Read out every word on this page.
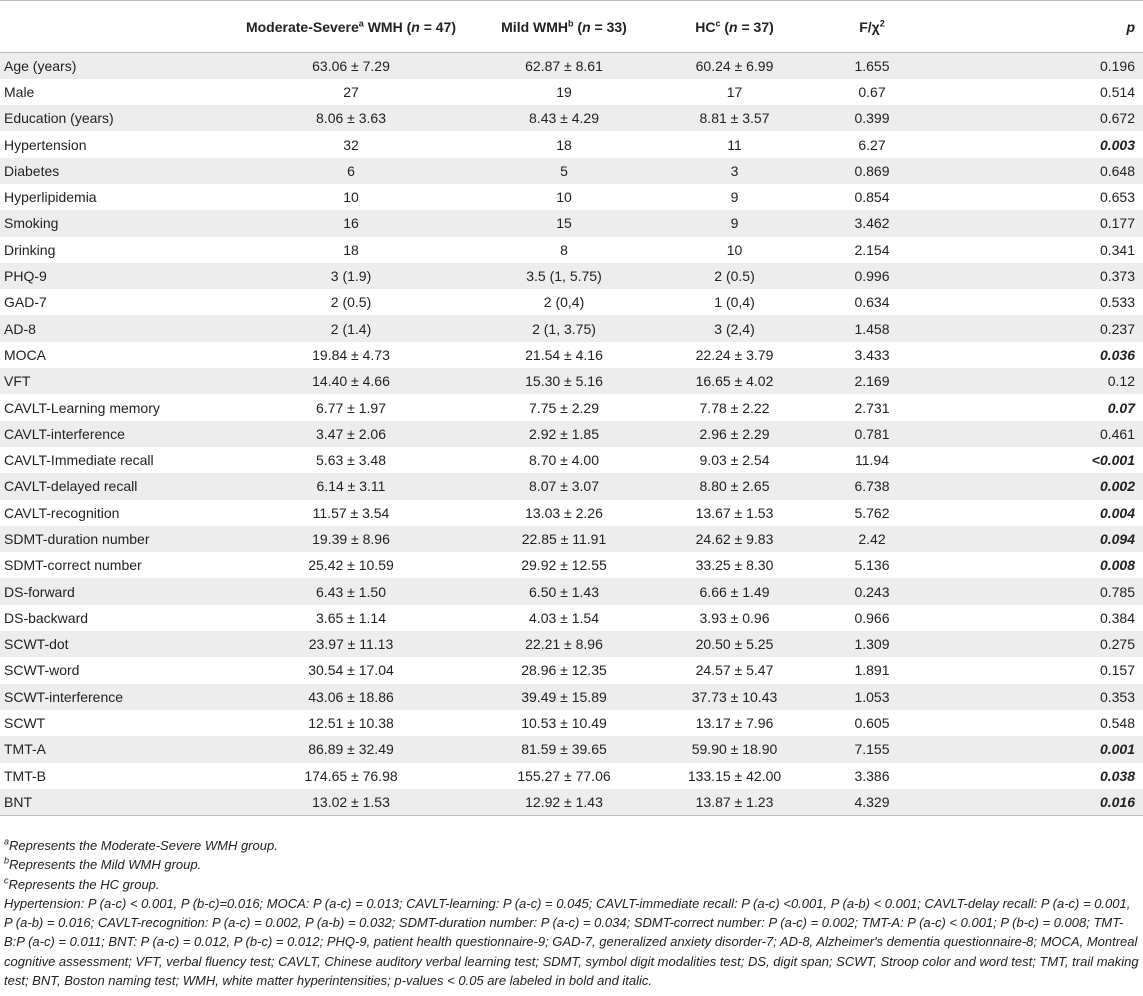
	Moderate-Severe$^a$ WMH (n = 47)	Mild WMH$^b$ (n = 33)	$HC^c$ (n = 37)	$F/\chi^2$	p
Age (years)	63.06 ± 7.29	62.87 ± 8.61	60.24 ± 6.99	1.655	0.196
Male	27	19	17	0.67	0.514
Education (years)	8.06 ± 3.63	8.43 ± 4.29	8.81 ± 3.57	0.399	0.672
Hypertension	32	18	11	6.27	0.003
Diabetes	6	5	3	0.869	0.648
Hyperlipidemia	10	10	9	0.854	0.653
Smoking	16	15	9	3.462	0.177
Drinking	18	8	10	2.154	0.341
PHQ-9	3 (1.9)	3.5 (1, 5.75)	2 (0.5)	0.996	0.373
GAD-7	2 (0.5)	2 (0,4)	1 (0,4)	0.634	0.533
AD-8	2 (1.4)	2 (1, 3.75)	3 (2,4)	1.458	0.237
MOCA	19.84 ± 4.73	21.54 ± 4.16	22.24 ± 3.79	3.433	0.036
VFT	14.40 ± 4.66	15.30 ± 5.16	16.65 ± 4.02	2.169	0.12
CAVLT-Learning memory	6.77 ± 1.97	7.75 ± 2.29	7.78 ± 2.22	2.731	0.07
CAVLT-interference	3.47 ± 2.06	2.92 ± 1.85	2.96 ± 2.29	0.781	0.461
CAVLT-Immediate recall	5.63 ± 3.48	8.70 ± 4.00	9.03 ± 2.54	11.94	<0.001
CAVLT-delayed recall	6.14 ± 3.11	8.07 ± 3.07	8.80 ± 2.65	6.738	0.002
CAVLT-recognition	11.57 ± 3.54	13.03 ± 2.26	13.67 ± 1.53	5.762	0.004
SDMT-duration number	19.39 ± 8.96	22.85 ± 11.91	24.62 ± 9.83	2.42	0.094
SDMT-correct number	25.42 ± 10.59	29.92 ± 12.55	33.25 ± 8.30	5.136	0.008
DS-forward	6.43 ± 1.50	6.50 ± 1.43	6.66 ± 1.49	0.243	0.785
DS-backward	3.65 ± 1.14	4.03 ± 1.54	3.93 ± 0.96	0.966	0.384
SCWT-dot	23.97 ± 11.13	22.21 ± 8.96	20.50 ± 5.25	1.309	0.275
SCWT-word	30.54 ± 17.04	28.96 ± 12.35	24.57 ± 5.47	1.891	0.157
SCWT-interference	43.06 ± 18.86	39.49 ± 15.89	37.73 ± 10.43	1.053	0.353
SCWT	12.51 ± 10.38	10.53 ± 10.49	13.17 ± 7.96	0.605	0.548
TMT-A	86.89 ± 32.49	81.59 ± 39.65	59.90 ± 18.90	7.155	0.001
TMT-B	174.65 ± 76.98	155.27 ± 77.06	133.15 ± 42.00	3.386	0.038
BNT	13.02 ± 1.53	12.92 ± 1.43	13.87 ± 1.23	4.329	0.016
$^a$Represents the Moderate-Severe WMH group.
$^b$Represents the Mild WMH group.
$^c$Represents the HC group.
Hypertension: P (a-c) < 0.001, P (b-c)=0.016; MOCA: P (a-c) = 0.013; CAVLT-learning: P (a-c) = 0.045; CAVLT-immediate recall: P (a-c) <0.001, P (a-b) < 0.001; CAVLT-delay recall: P (a-c) = 0.001, P (a-b) = 0.016; CAVLT-recognition: P (a-c) = 0.002, P (a-b) = 0.032; SDMT-duration number: P (a-c) = 0.034; SDMT-correct number: P (a-c) = 0.002; TMT-A: P (a-c) < 0.001; P (b-c) = 0.008; TMT-B:P (a-c) = 0.011; BNT: P (a-c) = 0.012, P (b-c) = 0.012; PHQ-9, patient health questionnaire-9; GAD-7, generalized anxiety disorder-7; AD-8, Alzheimer's dementia questionnaire-8; MOCA, Montreal cognitive assessment; VFT, verbal fluency test; CAVLT, Chinese auditory verbal learning test; SDMT, symbol digit modalities test; DS, digit span; SCWT, Stroop color and word test; TMT, trail making test; BNT, Boston naming test; WMH, white matter hyperintensities; p-values < 0.05 are labeled in bold and italic.
